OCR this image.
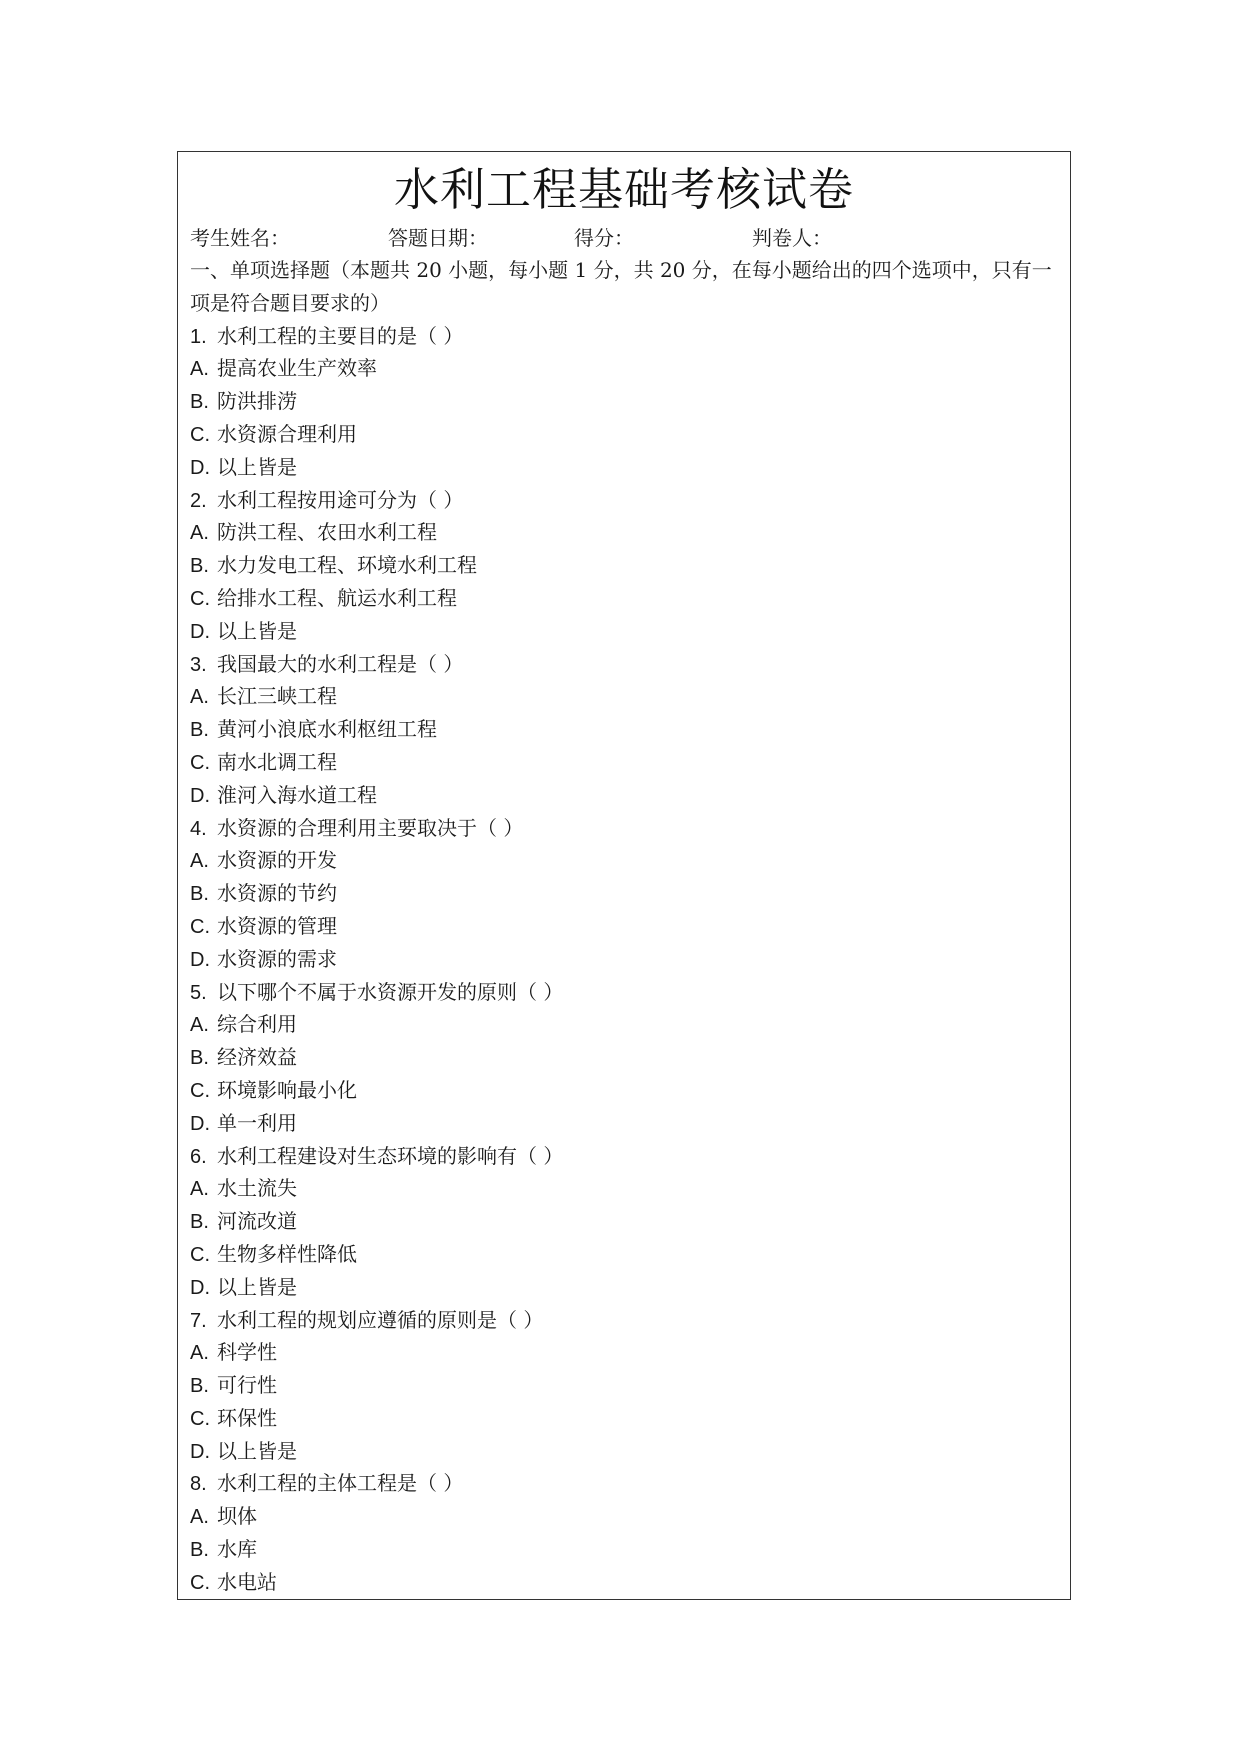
水利工程基础考核试卷
考生姓名：	答题日期：	得分：	判卷人：

一、单项选择题（本题共 20 小题，每小题 1 分，共 20 分，在每小题给出的四个选项中，只有一项是符合题目要求的）

1. 水利工程的主要目的是（ ）
A. 提高农业生产效率
B. 防洪排涝
C. 水资源合理利用
D. 以上皆是
2. 水利工程按用途可分为（ ）
A. 防洪工程、农田水利工程
B. 水力发电工程、环境水利工程
C. 给排水工程、航运水利工程
D. 以上皆是
3. 我国最大的水利工程是（ ）
A. 长江三峡工程
B. 黄河小浪底水利枢纽工程
C. 南水北调工程
D. 淮河入海水道工程
4. 水资源的合理利用主要取决于（ ）
A. 水资源的开发
B. 水资源的节约
C. 水资源的管理
D. 水资源的需求
5. 以下哪个不属于水资源开发的原则（ ）
A. 综合利用
B. 经济效益
C. 环境影响最小化
D. 单一利用
6. 水利工程建设对生态环境的影响有（ ）
A. 水土流失
B. 河流改道
C. 生物多样性降低
D. 以上皆是
7. 水利工程的规划应遵循的原则是（ ）
A. 科学性
B. 可行性
C. 环保性
D. 以上皆是
8. 水利工程的主体工程是（ ）
A. 坝体
B. 水库
C. 水电站
